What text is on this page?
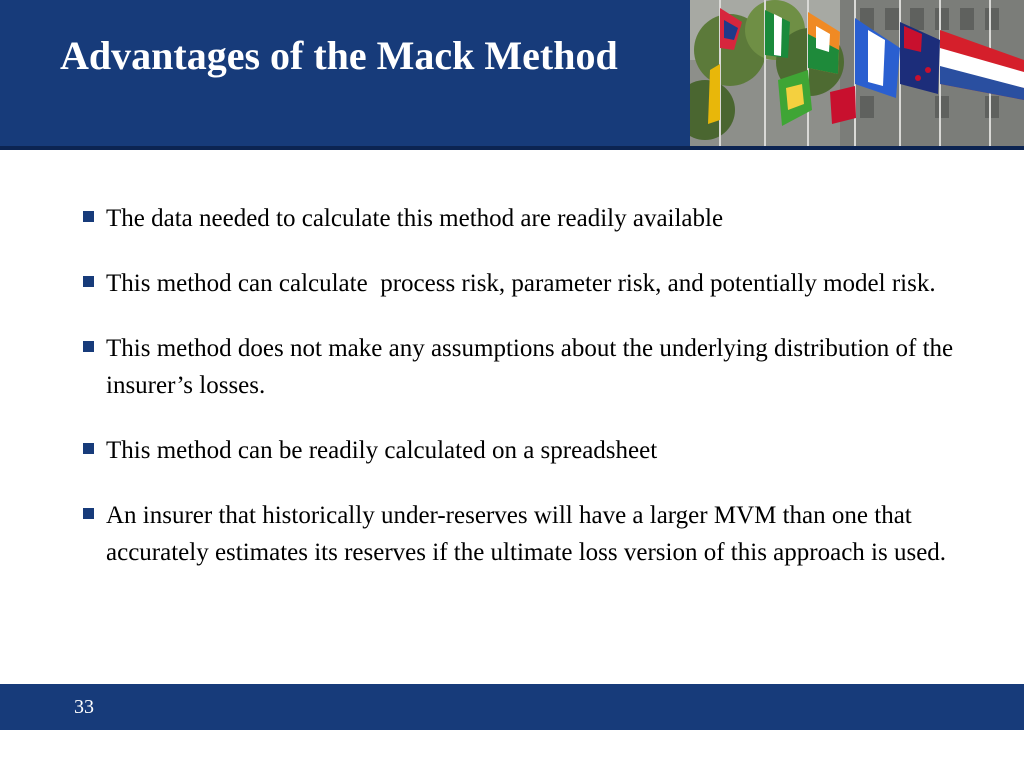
Advantages of the Mack Method
The data needed to calculate this method are readily available
This method can calculate  process risk, parameter risk, and potentially model risk.
This method does not make any assumptions about the underlying distribution of the insurer’s losses.
This method can be readily calculated on a spreadsheet
An insurer that historically under-reserves will have a larger MVM than one that accurately estimates its reserves if the ultimate loss version of this approach is used.
33
